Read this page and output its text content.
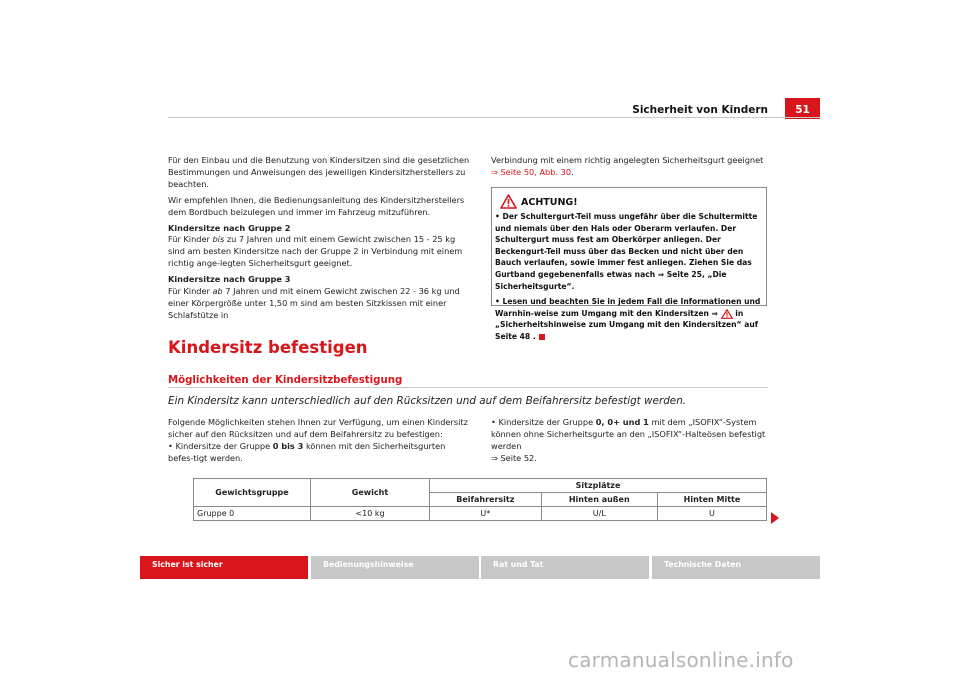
Sicherheit von Kindern	51

Für den Einbau und die Benutzung von Kindersitzen sind die gesetzlichen Bestimmungen und Anweisungen des jeweiligen Kindersitzherstellers zu beachten.

Wir empfehlen Ihnen, die Bedienungsanleitung des Kindersitzherstellers dem Bordbuch beizulegen und immer im Fahrzeug mitzuführen.

Kindersitze nach Gruppe 2

Für Kinder bis zu 7 Jahren und mit einem Gewicht zwischen 15 - 25 kg sind am besten Kindersitze nach der Gruppe 2 in Verbindung mit einem richtig ange-legten Sicherheitsgurt geeignet.

Kindersitze nach Gruppe 3

Für Kinder ab 7 Jahren und mit einem Gewicht zwischen 22 - 36 kg und einer Körpergröße unter 1,50 m sind am besten Sitzkissen mit einer Schlafstütze in

Verbindung mit einem richtig angelegten Sicherheitsgurt geeignet
⇒ Seite 50, Abb. 30.
ACHTUNG!

• Der Schultergurt-Teil muss ungefähr über die Schultermitte und niemals über den Hals oder Oberarm verlaufen. Der Schultergurt muss fest am Oberkörper anliegen. Der Beckengurt-Teil muss über das Becken und nicht über den Bauch verlaufen, sowie immer fest anliegen. Ziehen Sie das Gurtband gegebenenfalls etwas nach ⇒ Seite 25, „Die Sicherheitsgurte“.

• Lesen und beachten Sie in jedem Fall die Informationen und Warnhin-weise zum Umgang mit den Kindersitzen ⇒ in „Sicherheitshinweise zum Umgang mit den Kindersitzen“ auf Seite 48 .

Kindersitz befestigen
Möglichkeiten der Kindersitzbefestigung
Ein Kindersitz kann unterschiedlich auf den Rücksitzen und auf dem Beifahrersitz befestigt werden.
Folgende Möglichkeiten stehen Ihnen zur Verfügung, um einen Kindersitz sicher auf den Rücksitzen und auf dem Beifahrersitz zu befestigen:
• Kindersitze der Gruppe 0 bis 3 können mit den Sicherheitsgurten befes-tigt werden.
• Kindersitze der Gruppe 0, 0+ und 1 mit dem „ISOFIX“-System können ohne Sicherheitsgurte an den „ISOFIX“-Halteösen befestigt werden
⇒ Seite 52.
Gewichtsgruppe	Gewicht	Sitzplätze		
		Beifahrersitz	Hinten außen	Hinten Mitte
Gruppe 0	<10 kg	U*	U/L	U
Sicher ist sicher	Bedienungshinweise	Rat und Tat	Technische Daten
carmanualsonline.info
